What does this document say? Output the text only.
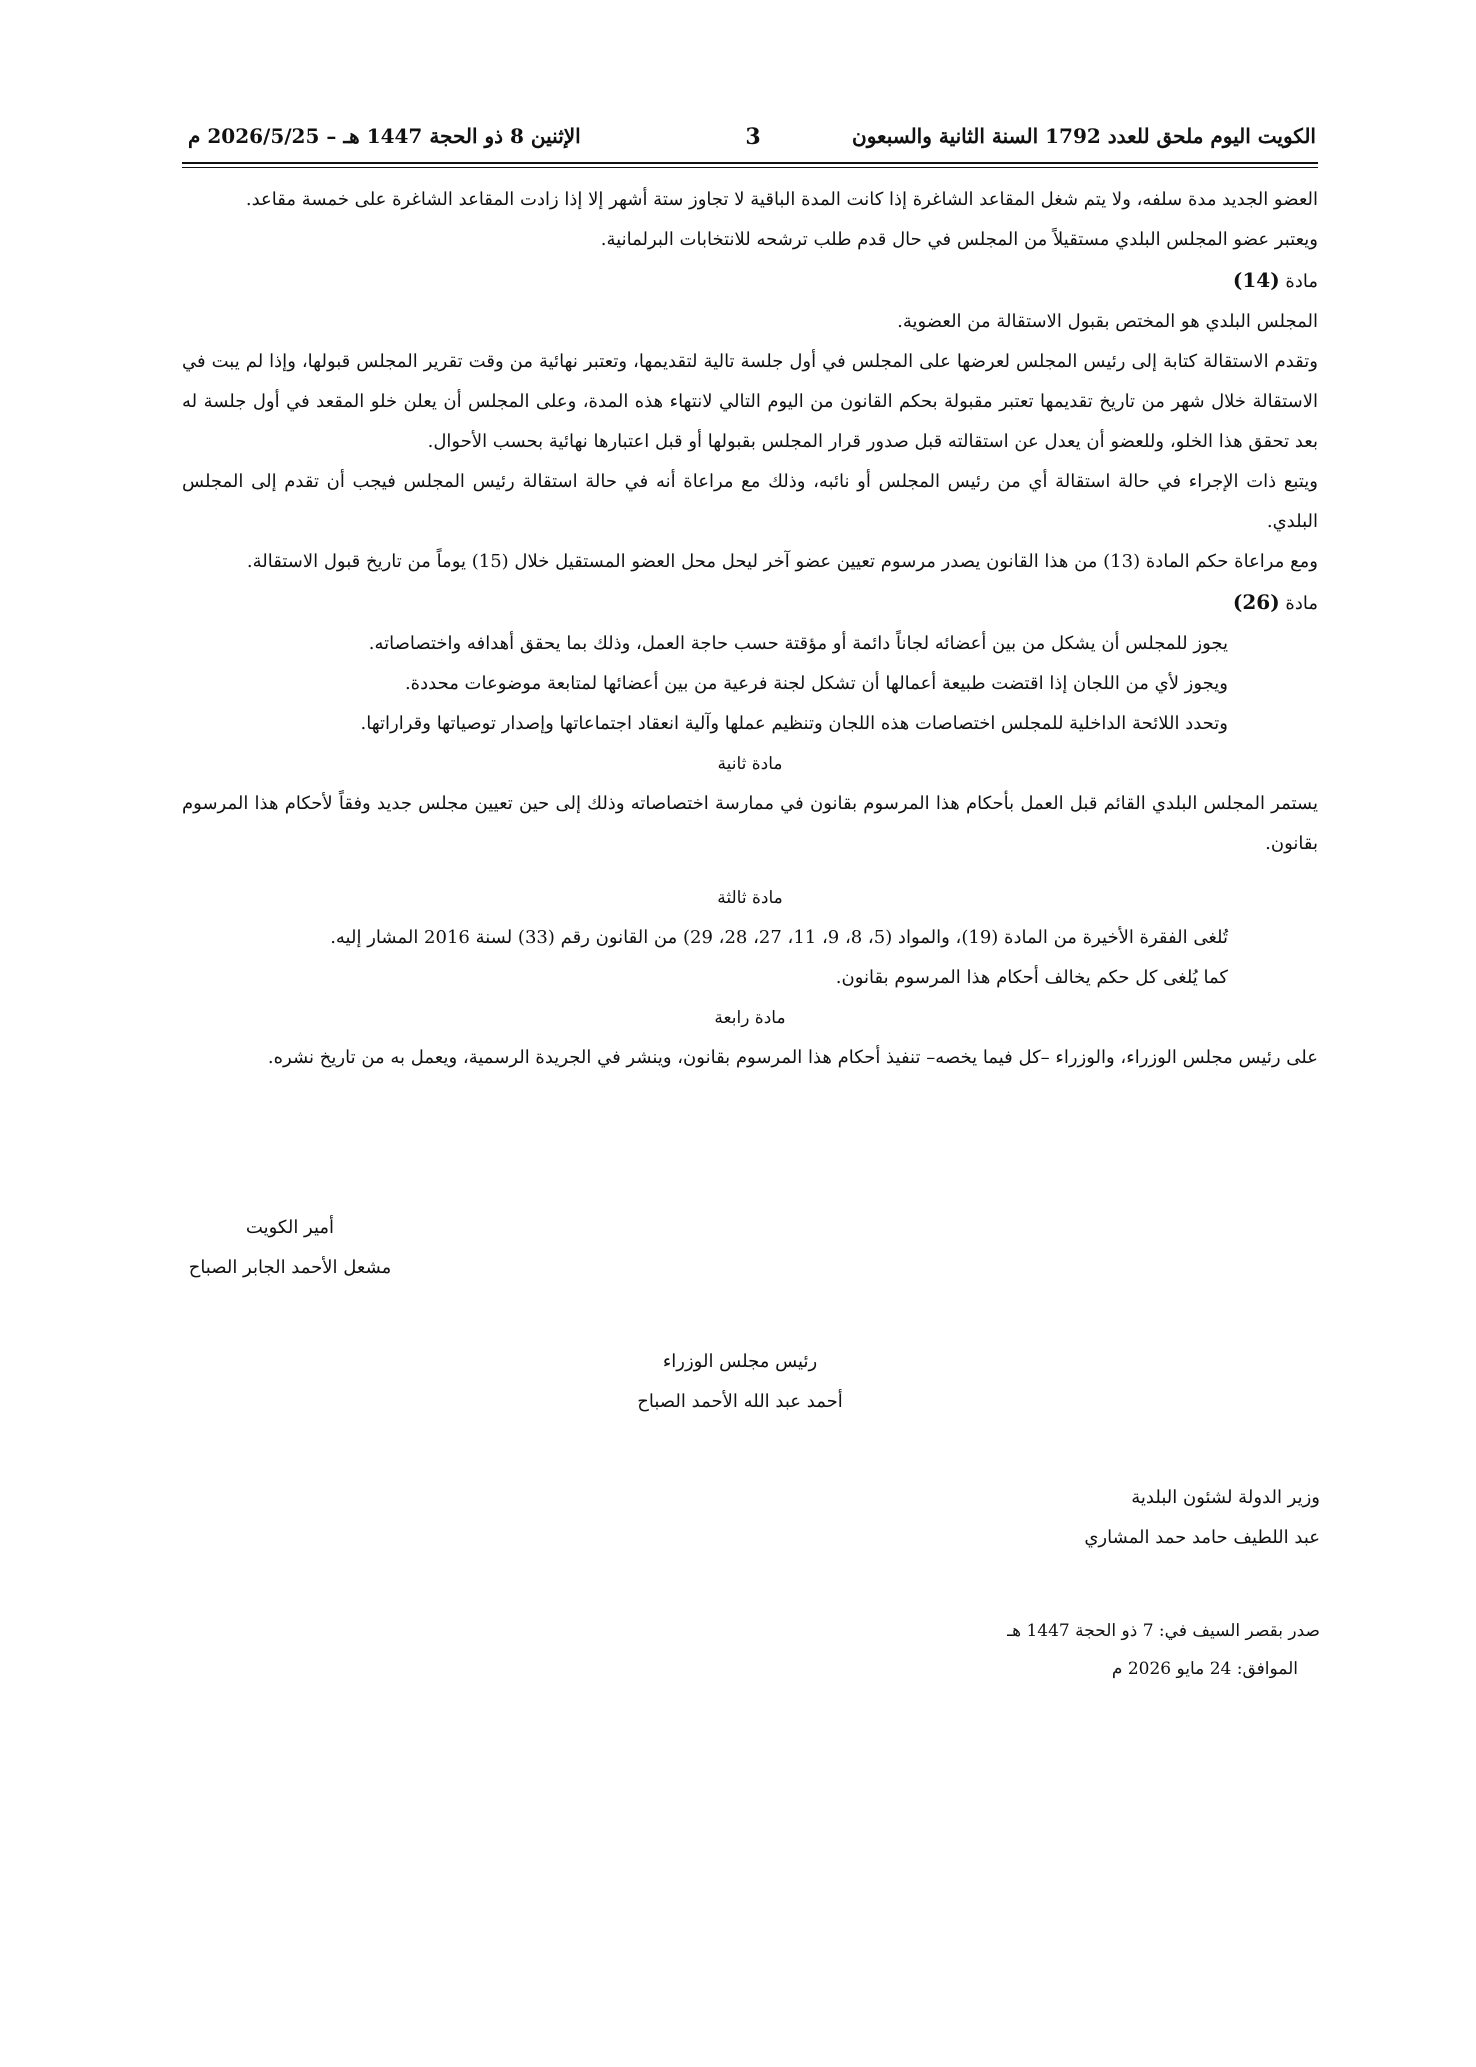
الكويت اليوم ملحق للعدد 1792 السنة الثانية والسبعون
3
الإثنين 8 ذو الحجة 1447 هـ – 2026/5/25 م

العضو الجديد مدة سلفه، ولا يتم شغل المقاعد الشاغرة إذا كانت المدة الباقية لا تجاوز ستة أشهر إلا إذا زادت المقاعد الشاغرة على خمسة مقاعد.

ويعتبر عضو المجلس البلدي مستقيلاً من المجلس في حال قدم طلب ترشحه للانتخابات البرلمانية.

مادة (14)

المجلس البلدي هو المختص بقبول الاستقالة من العضوية.

وتقدم الاستقالة كتابة إلى رئيس المجلس لعرضها على المجلس في أول جلسة تالية لتقديمها، وتعتبر نهائية من وقت تقرير المجلس قبولها، وإذا لم يبت في الاستقالة خلال شهر من تاريخ تقديمها تعتبر مقبولة بحكم القانون من اليوم التالي لانتهاء هذه المدة، وعلى المجلس أن يعلن خلو المقعد في أول جلسة له بعد تحقق هذا الخلو، وللعضو أن يعدل عن استقالته قبل صدور قرار المجلس بقبولها أو قبل اعتبارها نهائية بحسب الأحوال.

ويتبع ذات الإجراء في حالة استقالة أي من رئيس المجلس أو نائبه، وذلك مع مراعاة أنه في حالة استقالة رئيس المجلس فيجب أن تقدم إلى المجلس البلدي.

ومع مراعاة حكم المادة (13) من هذا القانون يصدر مرسوم تعيين عضو آخر ليحل محل العضو المستقيل خلال (15) يوماً من تاريخ قبول الاستقالة.

مادة (26)

يجوز للمجلس أن يشكل من بين أعضائه لجاناً دائمة أو مؤقتة حسب حاجة العمل، وذلك بما يحقق أهدافه واختصاصاته.

ويجوز لأي من اللجان إذا اقتضت طبيعة أعمالها أن تشكل لجنة فرعية من بين أعضائها لمتابعة موضوعات محددة.

وتحدد اللائحة الداخلية للمجلس اختصاصات هذه اللجان وتنظيم عملها وآلية انعقاد اجتماعاتها وإصدار توصياتها وقراراتها.

مادة ثانية

يستمر المجلس البلدي القائم قبل العمل بأحكام هذا المرسوم بقانون في ممارسة اختصاصاته وذلك إلى حين تعيين مجلس جديد وفقاً لأحكام هذا المرسوم بقانون.

مادة ثالثة

تُلغى الفقرة الأخيرة من المادة (19)، والمواد (5، 8، 9، 11، 27، 28، 29) من القانون رقم (33) لسنة 2016 المشار إليه.

كما يُلغى كل حكم يخالف أحكام هذا المرسوم بقانون.

مادة رابعة

على رئيس مجلس الوزراء، والوزراء –كل فيما يخصه– تنفيذ أحكام هذا المرسوم بقانون، وينشر في الجريدة الرسمية، ويعمل به من تاريخ نشره.

أمير الكويت
مشعل الأحمد الجابر الصباح
رئيس مجلس الوزراء
أحمد عبد الله الأحمد الصباح
وزير الدولة لشئون البلدية
عبد اللطيف حامد حمد المشاري
صدر بقصر السيف في: 7 ذو الحجة 1447 هـ
الموافق: 24 مايو 2026 م
